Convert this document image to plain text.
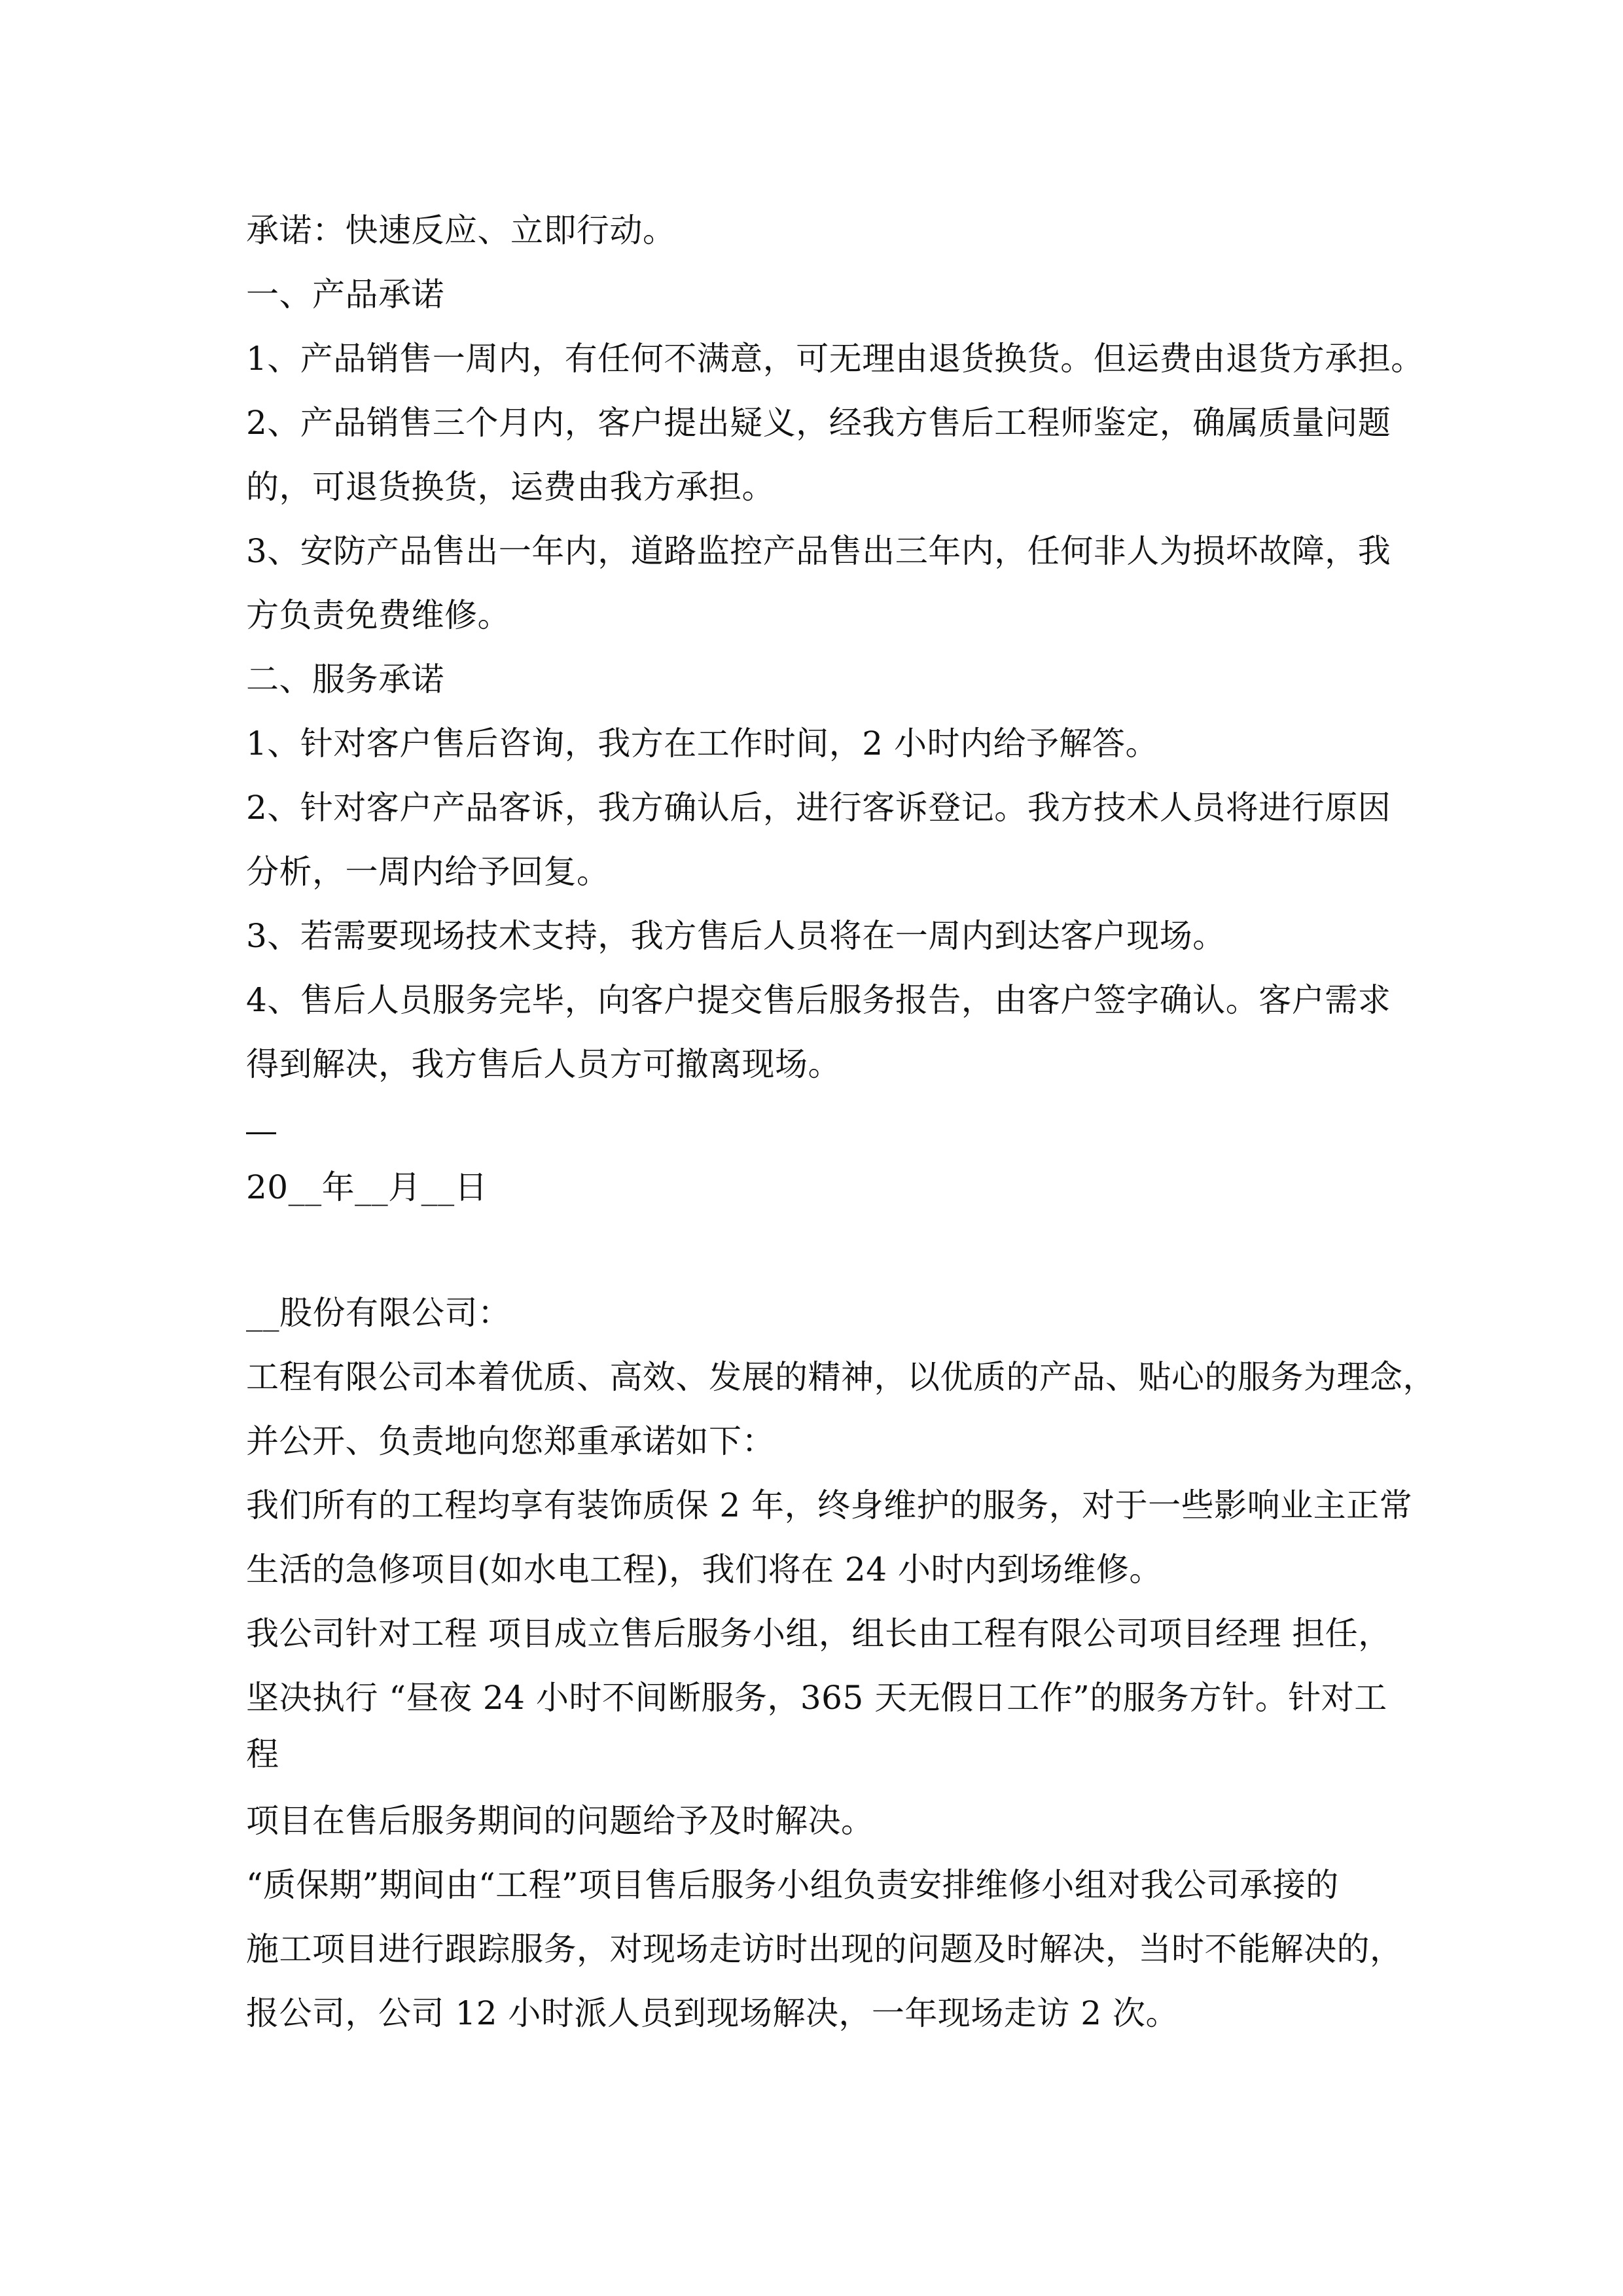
承诺：快速反应、立即行动。

一、产品承诺

1、产品销售一周内，有任何不满意，可无理由退货换货。但运费由退货方承担。

2、产品销售三个月内，客户提出疑义，经我方售后工程师鉴定，确属质量问题

的，可退货换货，运费由我方承担。

3、安防产品售出一年内，道路监控产品售出三年内，任何非人为损坏故障，我

方负责免费维修。

二、服务承诺

1、针对客户售后咨询，我方在工作时间，2 小时内给予解答。

2、针对客户产品客诉，我方确认后，进行客诉登记。我方技术人员将进行原因

分析，一周内给予回复。

3、若需要现场技术支持，我方售后人员将在一周内到达客户现场。

4、售后人员服务完毕，向客户提交售后服务报告，由客户签字确认。客户需求

得到解决，我方售后人员方可撤离现场。

20__年__月__日

__股份有限公司：

工程有限公司本着优质、高效、发展的精神，以优质的产品、贴心的服务为理念，

并公开、负责地向您郑重承诺如下：

我们所有的工程均享有装饰质保 2 年，终身维护的服务，对于一些影响业主正常

生活的急修项目(如水电工程)，我们将在 24 小时内到场维修。

我公司针对工程 项目成立售后服务小组，组长由工程有限公司项目经理 担任，

坚决执行 “昼夜 24 小时不间断服务，365 天无假日工作”的服务方针。针对工

程

项目在售后服务期间的问题给予及时解决。

“质保期”期间由“工程”项目售后服务小组负责安排维修小组对我公司承接的

施工项目进行跟踪服务，对现场走访时出现的问题及时解决，当时不能解决的，

报公司，公司 12 小时派人员到现场解决，一年现场走访 2 次。
